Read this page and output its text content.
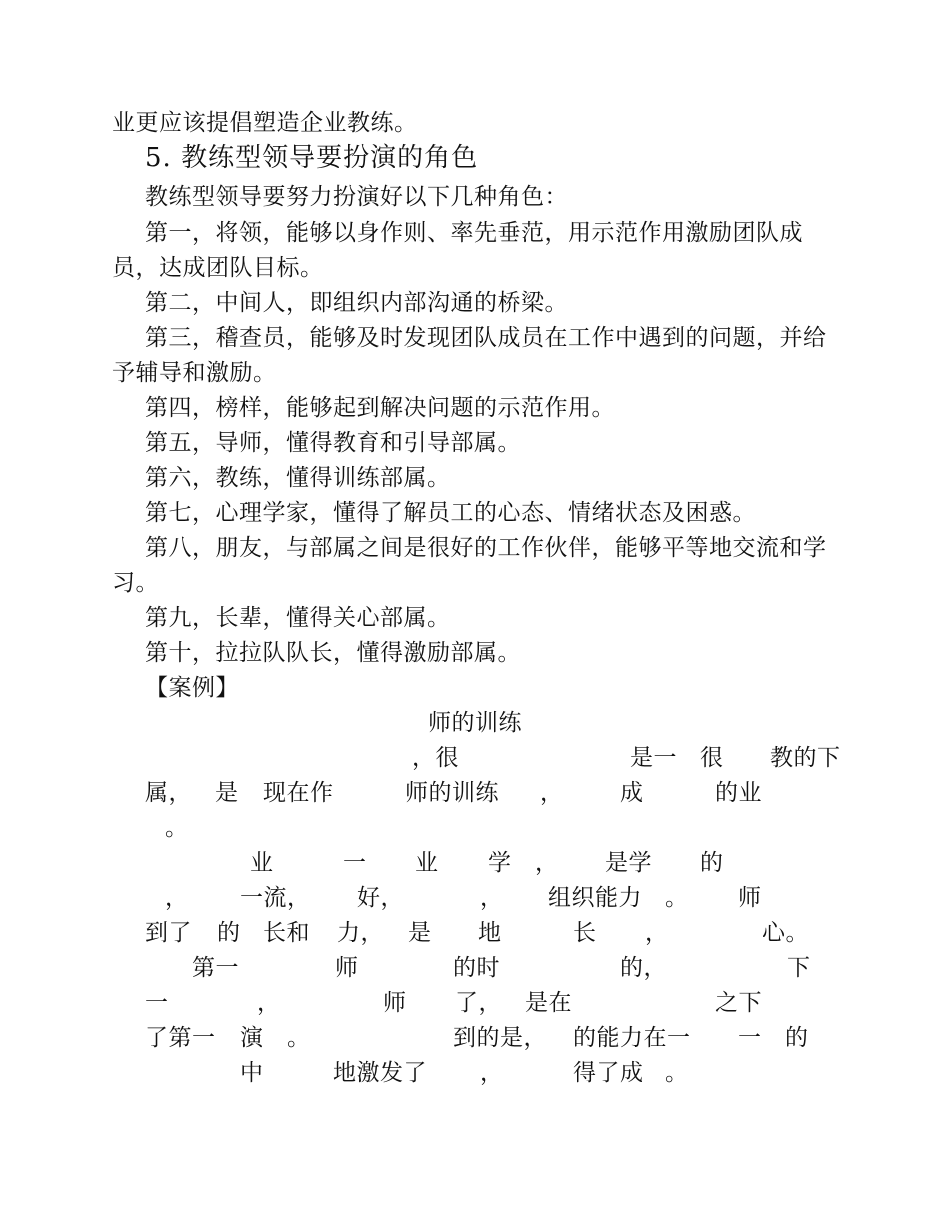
业更应该提倡塑造企业教练。
5. 教练型领导要扮演的角色
教练型领导要努力扮演好以下几种角色：
第一，将领，能够以身作则、率先垂范，用示范作用激励团队成
员，达成团队目标。
第二，中间人，即组织内部沟通的桥梁。
第三，稽查员，能够及时发现团队成员在工作中遇到的问题，并给
予辅导和激励。
第四，榜样，能够起到解决问题的示范作用。
第五，导师，懂得教育和引导部属。
第六，教练，懂得训练部属。
第七，心理学家，懂得了解员工的心态、情绪状态及困惑。
第八，朋友，与部属之间是很好的工作伙伴，能够平等地交流和学
习。
第九，长辈，懂得关心部属。
第十，拉拉队队长，懂得激励部属。
【案例】
师的训练
，很	是一 很 教的下
属， 是 现在作	师的训练 ， 成	的业
。
业	一 业 学 ， 是学 的
， 一流， 好，	， 组织能力 。 师
到了 的 长和 力， 是 地	长 ，	心。
第一	师	的时	的，	下
一	，	师 了， 是在	之下
了第一 演 。	到的是， 的能力在一 一 的
中	地激发了 ，	得了成 。
